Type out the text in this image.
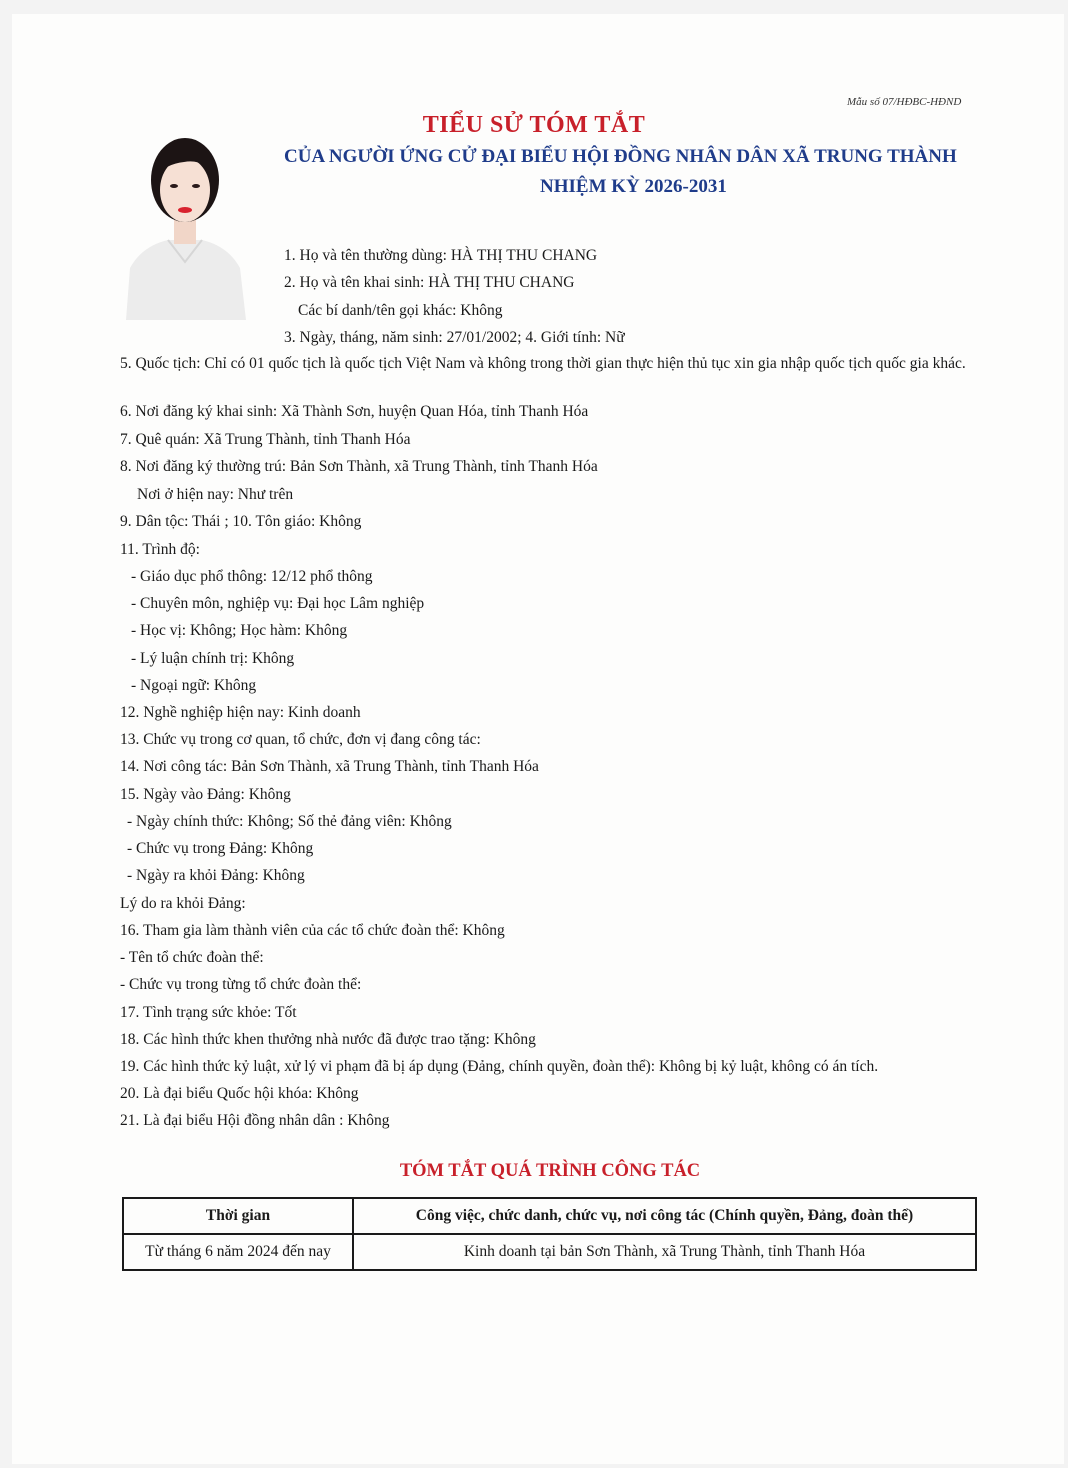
Mẫu số 07/HĐBC-HĐND
TIỂU SỬ TÓM TẮT
CỦA NGƯỜI ỨNG CỬ ĐẠI BIỂU HỘI ĐỒNG NHÂN DÂN XÃ TRUNG THÀNH
NHIỆM KỲ 2026-2031
1. Họ và tên thường dùng: HÀ THỊ THU CHANG
2. Họ và tên khai sinh: HÀ THỊ THU CHANG
Các bí danh/tên gọi khác: Không
3. Ngày, tháng, năm sinh: 27/01/2002; 4. Giới tính: Nữ
5. Quốc tịch: Chỉ có 01 quốc tịch là quốc tịch Việt Nam và không trong thời gian thực hiện thủ tục xin gia nhập quốc tịch quốc gia khác.
6. Nơi đăng ký khai sinh: Xã Thành Sơn, huyện Quan Hóa, tỉnh Thanh Hóa
7. Quê quán: Xã Trung Thành, tỉnh Thanh Hóa
8. Nơi đăng ký thường trú: Bản Sơn Thành, xã Trung Thành, tỉnh Thanh Hóa
Nơi ở hiện nay: Như trên
9. Dân tộc: Thái ; 10. Tôn giáo: Không
11. Trình độ:
- Giáo dục phổ thông: 12/12 phổ thông
- Chuyên môn, nghiệp vụ: Đại học Lâm nghiệp
- Học vị: Không; Học hàm: Không
- Lý luận chính trị: Không
- Ngoại ngữ: Không
12. Nghề nghiệp hiện nay: Kinh doanh
13. Chức vụ trong cơ quan, tổ chức, đơn vị đang công tác:
14. Nơi công tác: Bản Sơn Thành, xã Trung Thành, tỉnh Thanh Hóa
15. Ngày vào Đảng: Không
- Ngày chính thức: Không; Số thẻ đảng viên: Không
- Chức vụ trong Đảng: Không
- Ngày ra khỏi Đảng: Không
Lý do ra khỏi Đảng:
16. Tham gia làm thành viên của các tổ chức đoàn thể: Không
- Tên tổ chức đoàn thể:
- Chức vụ trong từng tổ chức đoàn thể:
17. Tình trạng sức khỏe: Tốt
18. Các hình thức khen thưởng nhà nước đã được trao tặng: Không
19. Các hình thức kỷ luật, xử lý vi phạm đã bị áp dụng (Đảng, chính quyền, đoàn thể): Không bị kỷ luật, không có án tích.
20. Là đại biểu Quốc hội khóa: Không
21. Là đại biểu Hội đồng nhân dân : Không
TÓM TẮT QUÁ TRÌNH CÔNG TÁC
Thời gian	Công việc, chức danh, chức vụ, nơi công tác (Chính quyền, Đảng, đoàn thể)
Từ tháng 6 năm 2024 đến nay	Kinh doanh tại bản Sơn Thành, xã Trung Thành, tỉnh Thanh Hóa
